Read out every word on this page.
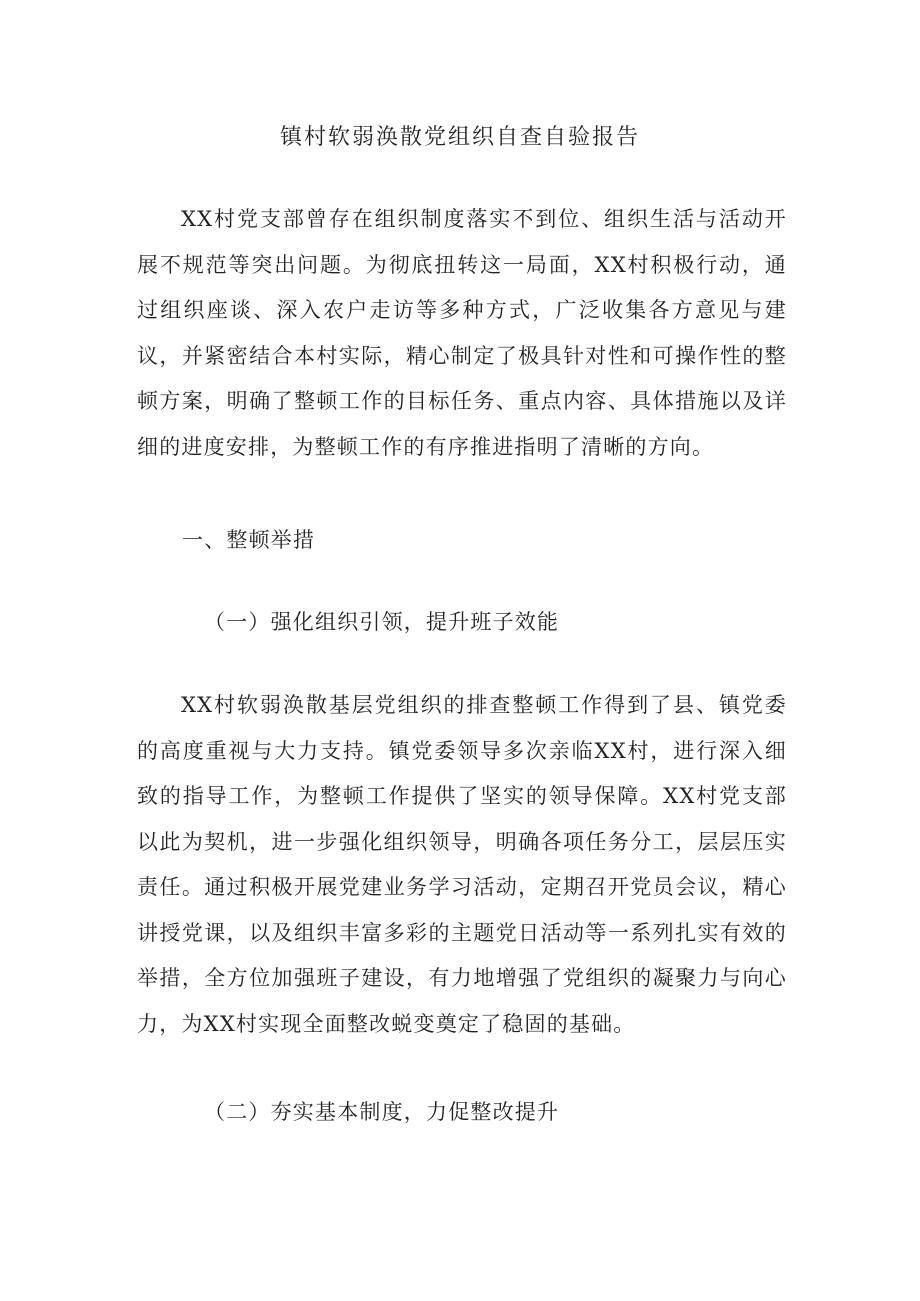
镇村软弱涣散党组织自查自验报告

XX村党支部曾存在组织制度落实不到位、组织生活与活动开展不规范等突出问题。为彻底扭转这一局面，XX村积极行动，通过组织座谈、深入农户走访等多种方式，广泛收集各方意见与建议，并紧密结合本村实际，精心制定了极具针对性和可操作性的整顿方案，明确了整顿工作的目标任务、重点内容、具体措施以及详细的进度安排，为整顿工作的有序推进指明了清晰的方向。

一、整顿举措

（一）强化组织引领，提升班子效能

XX村软弱涣散基层党组织的排查整顿工作得到了县、镇党委的高度重视与大力支持。镇党委领导多次亲临XX村，进行深入细致的指导工作，为整顿工作提供了坚实的领导保障。XX村党支部以此为契机，进一步强化组织领导，明确各项任务分工，层层压实责任。通过积极开展党建业务学习活动，定期召开党员会议，精心讲授党课，以及组织丰富多彩的主题党日活动等一系列扎实有效的举措，全方位加强班子建设，有力地增强了党组织的凝聚力与向心力，为XX村实现全面整改蜕变奠定了稳固的基础。

（二）夯实基本制度，力促整改提升
